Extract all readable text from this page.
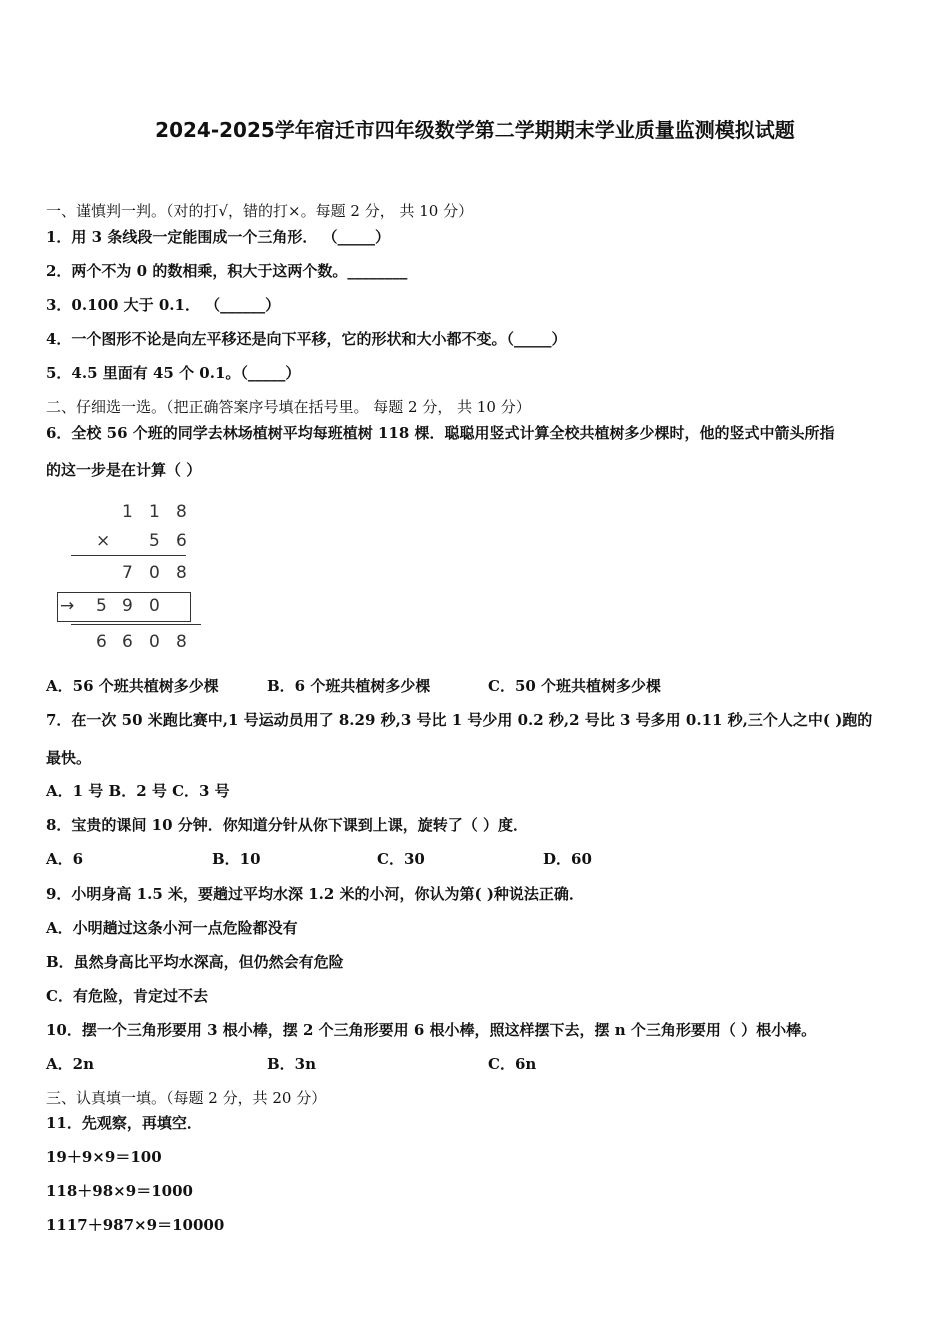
2024-2025学年宿迁市四年级数学第二学期期末学业质量监测模拟试题
一、谨慎判一判。（对的打√，错的打×。每题 2 分， 共 10 分）
1．用 3 条线段一定能围成一个三角形． （_____）
2．两个不为 0 的数相乘，积大于这两个数。________
3．0.100 大于 0.1． （______）
4．一个图形不论是向左平移还是向下平移，它的形状和大小都不变。（_____）
5．4.5 里面有 45 个 0.1。（_____）
二、仔细选一选。（把正确答案序号填在括号里。 每题 2 分， 共 10 分）
6．全校 56 个班的同学去林场植树平均每班植树 118 棵．聪聪用竖式计算全校共植树多少棵时，他的竖式中箭头所指
的这一步是在计算（ ）
1 1 8
× 5 6
7 0 8
→ 5 9 0
6 6 0 8
A．56 个班共植树多少棵	B．6 个班共植树多少棵	C．50 个班共植树多少棵
7．在一次 50 米跑比赛中,1 号运动员用了 8.29 秒,3 号比 1 号少用 0.2 秒,2 号比 3 号多用 0.11 秒,三个人之中( )跑的
最快。
A．1 号 B．2 号 C．3 号
8．宝贵的课间 10 分钟．你知道分针从你下课到上课，旋转了（ ）度．
A．6	B．10	C．30	D．60
9．小明身高 1.5 米，要趟过平均水深 1.2 米的小河，你认为第( )种说法正确．
A．小明趟过这条小河一点危险都没有
B．虽然身高比平均水深高，但仍然会有危险
C．有危险，肯定过不去
10．摆一个三角形要用 3 根小棒，摆 2 个三角形要用 6 根小棒，照这样摆下去，摆 n 个三角形要用（ ）根小棒。
A．2n	B．3n	C．6n
三、认真填一填。（每题 2 分，共 20 分）
11．先观察，再填空．
19＋9×9＝100
118＋98×9＝1000
1117＋987×9＝10000
